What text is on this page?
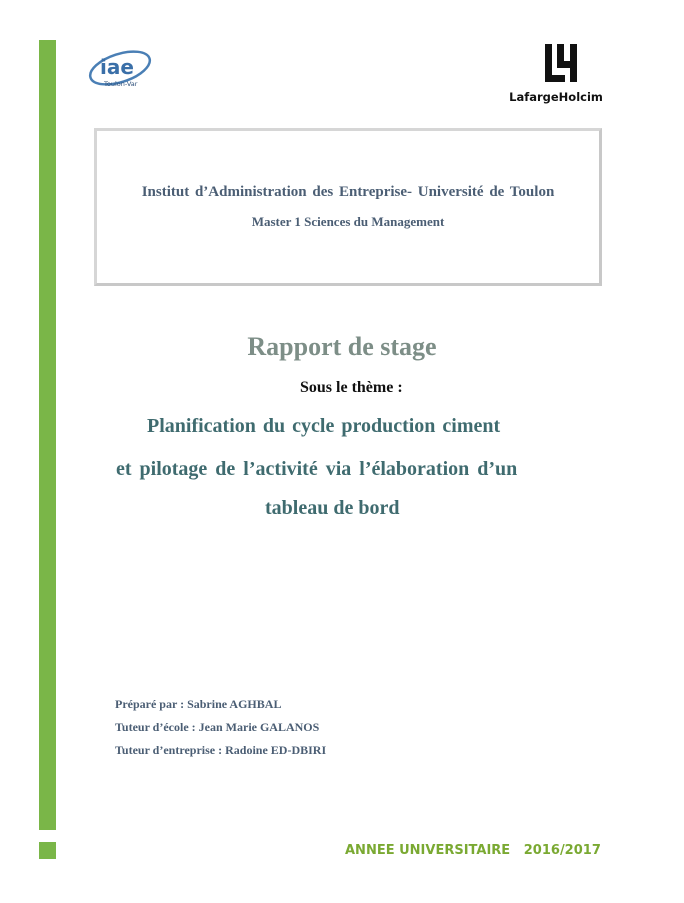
iae
Toulon-Var
LafargeHolcim
Institut d’Administration des Entreprise- Université de Toulon
Master 1 Sciences du Management
Rapport de stage
Sous le thème :
Planification du cycle production ciment
et pilotage de l’activité via l’élaboration d’un
tableau de bord
Préparé par : Sabrine AGHBAL
Tuteur d’école : Jean Marie GALANOS
Tuteur d’entreprise : Radoine ED-DBIRI
ANNEE UNIVERSITAIRE   2016/2017
